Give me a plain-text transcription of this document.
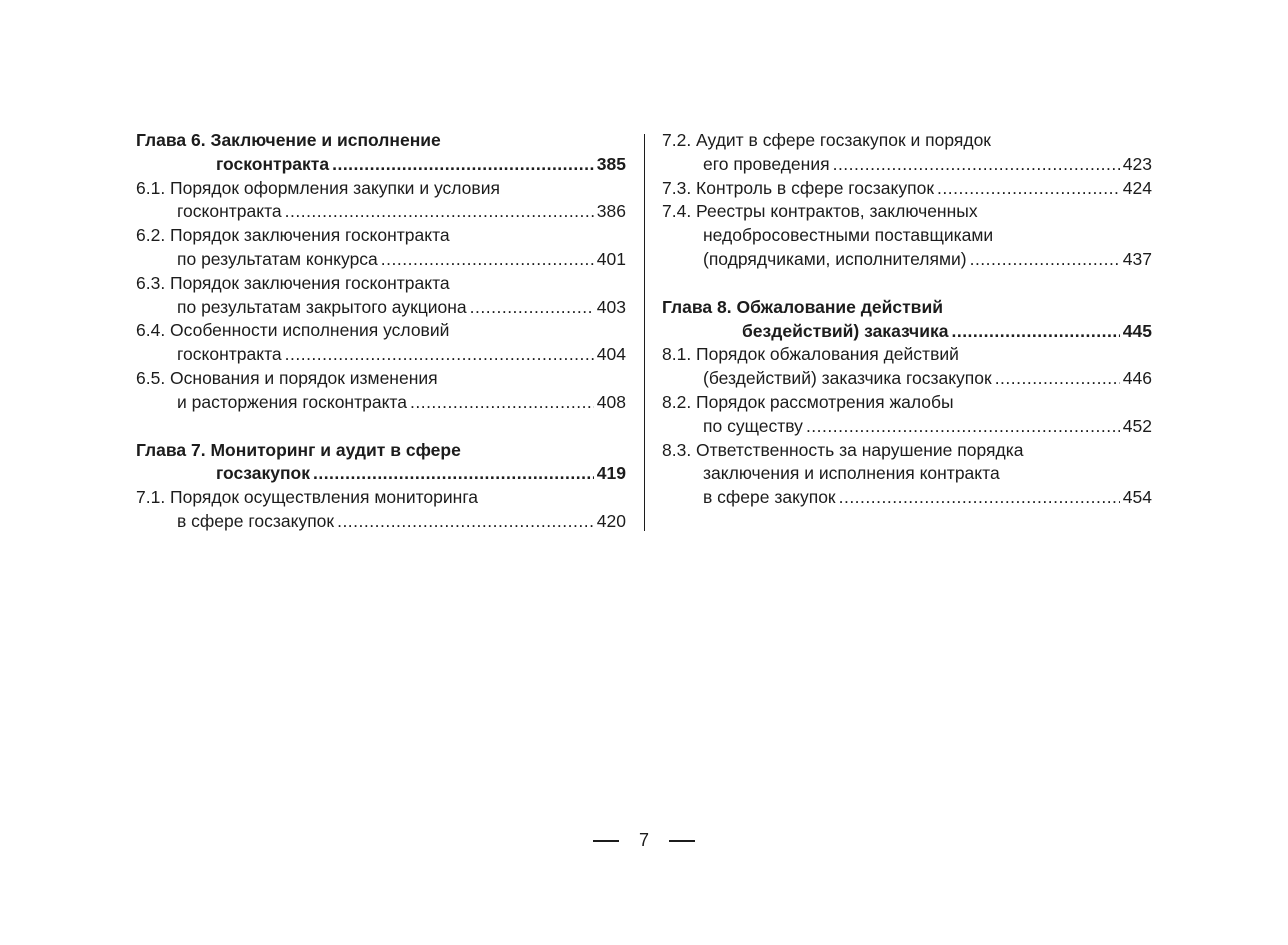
Глава 6. Заключение и исполнение
госконтракта .....	385
6.1. Порядок оформления закупки и условия
госконтракта .....	386
6.2. Порядок заключения госконтракта
по результатам конкурса .....	401
6.3. Порядок заключения госконтракта
по результатам закрытого аукциона .....	403
6.4. Особенности исполнения условий
госконтракта .....	404
6.5. Основания и порядок изменения
и расторжения госконтракта .....	408
Глава 7. Мониторинг и аудит в сфере
госзакупок .....	419
7.1. Порядок осуществления мониторинга
в сфере госзакупок .....	420
7.2. Аудит в сфере госзакупок и порядок
его проведения .....	423
7.3. Контроль в сфере госзакупок .....	424
7.4. Реестры контрактов, заключенных
недобросовестными поставщиками
(подрядчиками, исполнителями) .....	437
Глава 8. Обжалование действий
бездействий) заказчика .....	445
8.1. Порядок обжалования действий
(бездействий) заказчика госзакупок .....	446
8.2. Порядок рассмотрения жалобы
по существу .....	452
8.3. Ответственность за нарушение порядка
заключения и исполнения контракта
в сфере закупок .....	454
7
